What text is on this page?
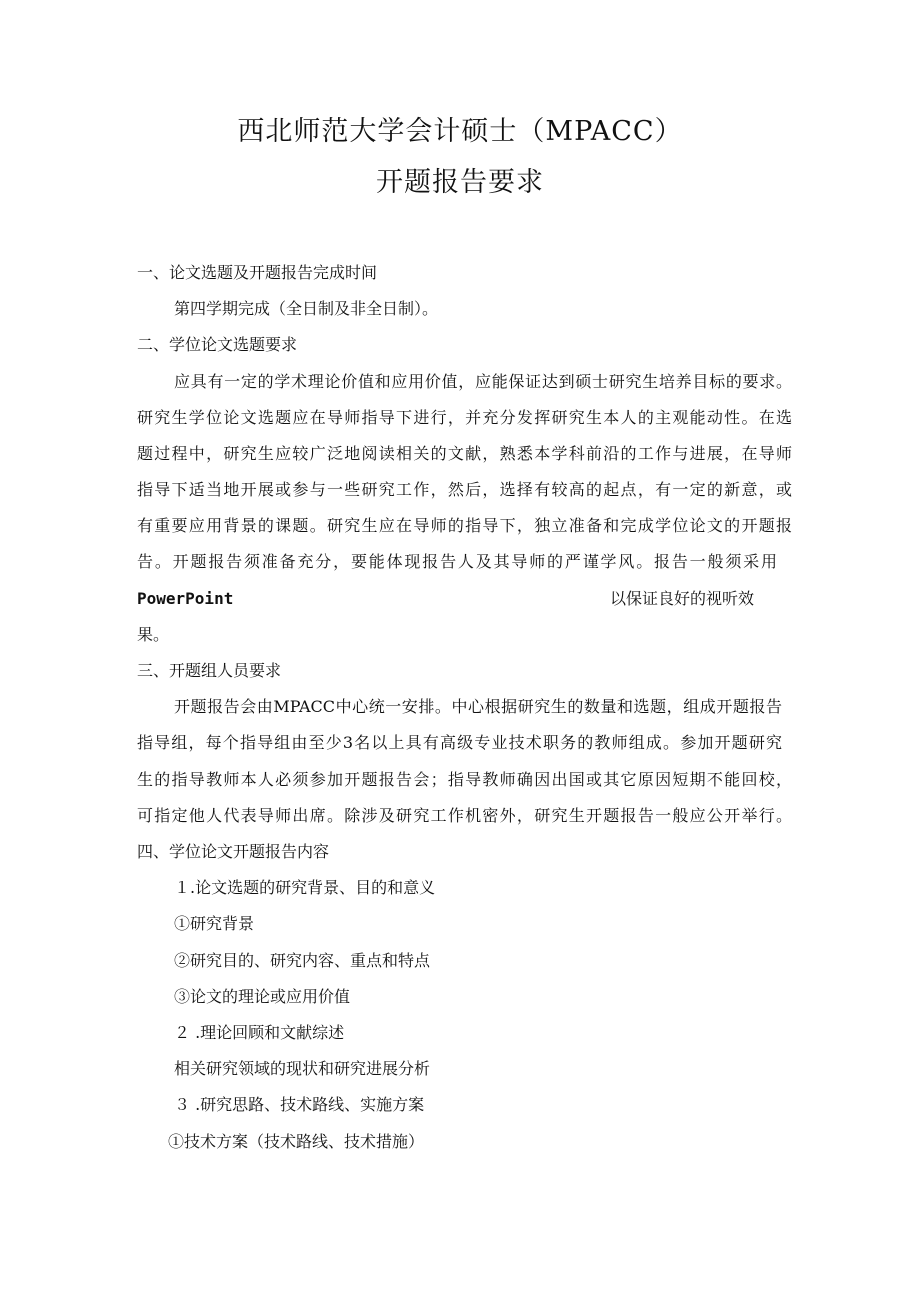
西北师范大学会计硕士（MPACC）
开题报告要求
一、论文选题及开题报告完成时间
第四学期完成（全日制及非全日制）。
二、学位论文选题要求
应具有一定的学术理论价值和应用价值，应能保证达到硕士研究生培养目标的要求。
研究生学位论文选题应在导师指导下进行，并充分发挥研究生本人的主观能动性。在选
题过程中，研究生应较广泛地阅读相关的文献，熟悉本学科前沿的工作与进展，在导师
指导下适当地开展或参与一些研究工作，然后，选择有较高的起点，有一定的新意，或
有重要应用背景的课题。研究生应在导师的指导下，独立准备和完成学位论文的开题报
告。开题报告须准备充分，要能体现报告人及其导师的严谨学风。报告一般须采用
PowerPoint	以保证良好的视听效
果。
三、开题组人员要求
开题报告会由MPACC中心统一安排。中心根据研究生的数量和选题，组成开题报告
指导组，每个指导组由至少3名以上具有高级专业技术职务的教师组成。参加开题研究
生的指导教师本人必须参加开题报告会；指导教师确因出国或其它原因短期不能回校，
可指定他人代表导师出席。除涉及研究工作机密外，研究生开题报告一般应公开举行。
四、学位论文开题报告内容
１.论文选题的研究背景、目的和意义
①研究背景
②研究目的、研究内容、重点和特点
③论文的理论或应用价值
２ .理论回顾和文献综述
相关研究领域的现状和研究进展分析
３ .研究思路、技术路线、实施方案
①技术方案（技术路线、技术措施）
